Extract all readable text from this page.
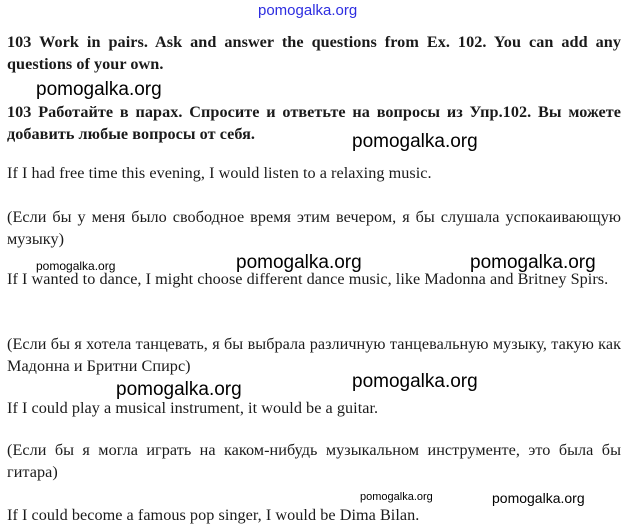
pomogalka.org
103 Work in pairs. Ask and answer the questions from Ex. 102. You can add any questions of your own.
pomogalka.org
103 Работайте в парах. Спросите и ответьте на вопросы из Упр.102. Вы можете добавить любые вопросы от себя.	pomogalka.org
If I had free time this evening, I would listen to a relaxing music.
(Если бы у меня было свободное время этим вечером, я бы слушала успокаивающую музыку)
pomogalka.org	pomogalka.org	pomogalka.org
If I wanted to dance, I might choose different dance music, like Madonna and Britney Spirs.
(Если бы я хотела танцевать, я бы выбрала различную танцевальную музыку, такую как Мадонна и Бритни Спирс)
pomogalka.org
pomogalka.org
If I could play a musical instrument, it would be a guitar.
(Если бы я могла играть на каком-нибудь музыкальном инструменте, это была бы гитара)
pomogalka.org	pomogalka.org
If I could become a famous pop singer, I would be Dima Bilan.
